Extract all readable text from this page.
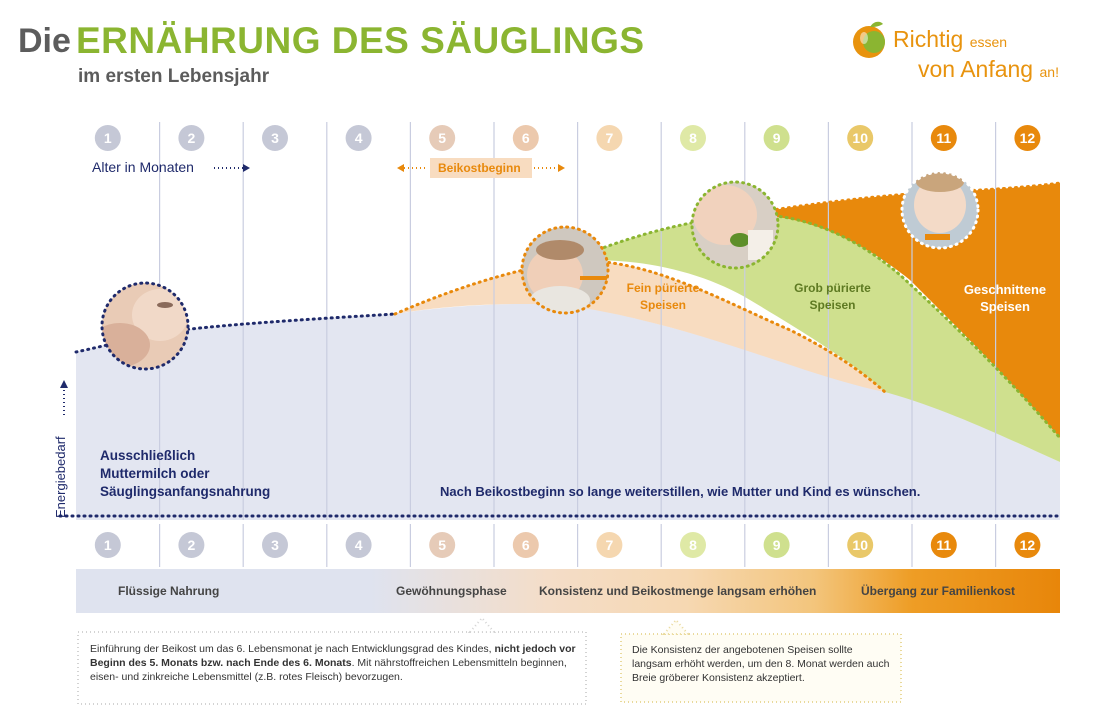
Die ERNÄHRUNG DES SÄUGLINGS
im ersten Lebensjahr
Richtig essen
von Anfang an!
1	2	3	4	5	6	7	8	9	10	11	12
1	2	3	4	5	6	7	8	9	10	11	12
Alter in Monaten	Beikostbeginn
Energiebedarf
Fein pürierte
Speisen
Grob pürierte
Speisen
Geschnittene
Speisen
Ausschließlich
Muttermilch oder
Säuglingsanfangsnahrung	Nach Beikostbeginn so lange weiterstillen, wie Mutter und Kind es wünschen.
Flüssige Nahrung	Gewöhnungsphase	Konsistenz und Beikostmenge langsam erhöhen	Übergang zur Familienkost
Einführung der Beikost um das 6. Lebensmonat je nach Entwicklungsgrad des Kindes, nicht jedoch vor Beginn des 5. Monats bzw. nach Ende des 6. Monats. Mit nährstoffreichen Lebensmitteln beginnen, eisen- und zinkreiche Lebensmittel (z.B. rotes Fleisch) bevorzugen.
Die Konsistenz der angebotenen Speisen sollte langsam erhöht werden, um den 8. Monat werden auch Breie gröberer Konsistenz akzeptiert.
